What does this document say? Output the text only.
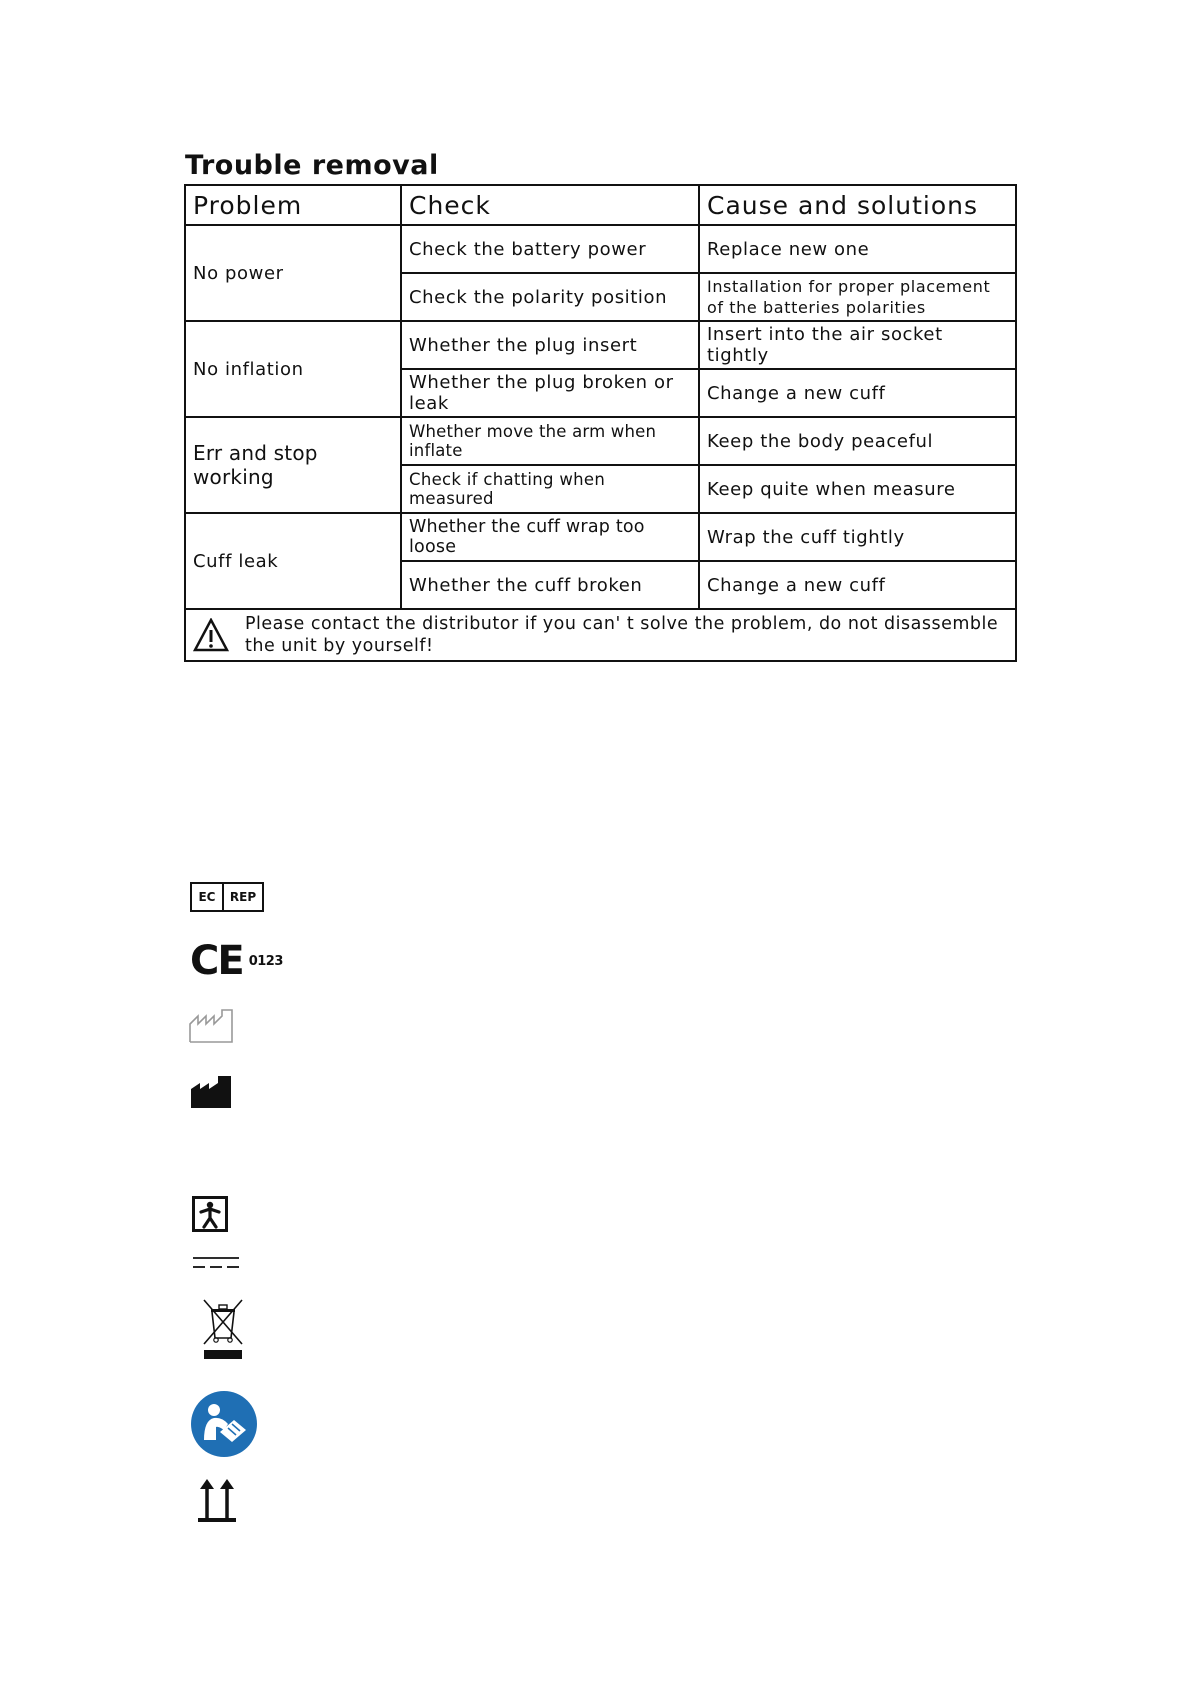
Trouble removal
Problem	Check	Cause and solutions
No power	Check the battery power	Replace new one
	Check the polarity position	Installation for proper placement of the batteries polarities
No inflation	Whether the plug insert	Insert into the air socket tightly
	Whether the plug broken or leak	Change a new cuff
Err and stop working	Whether move the arm when inflate	Keep the body peaceful
	Check if chatting when measured	Keep quite when measure
Cuff leak	Whether the cuff wrap too loose	Wrap the cuff tightly
	Whether the cuff broken	Change a new cuff

Please contact the distributor if you can' t solve the problem, do not disassemble the unit by yourself!		
EC	REP
CE 0123
